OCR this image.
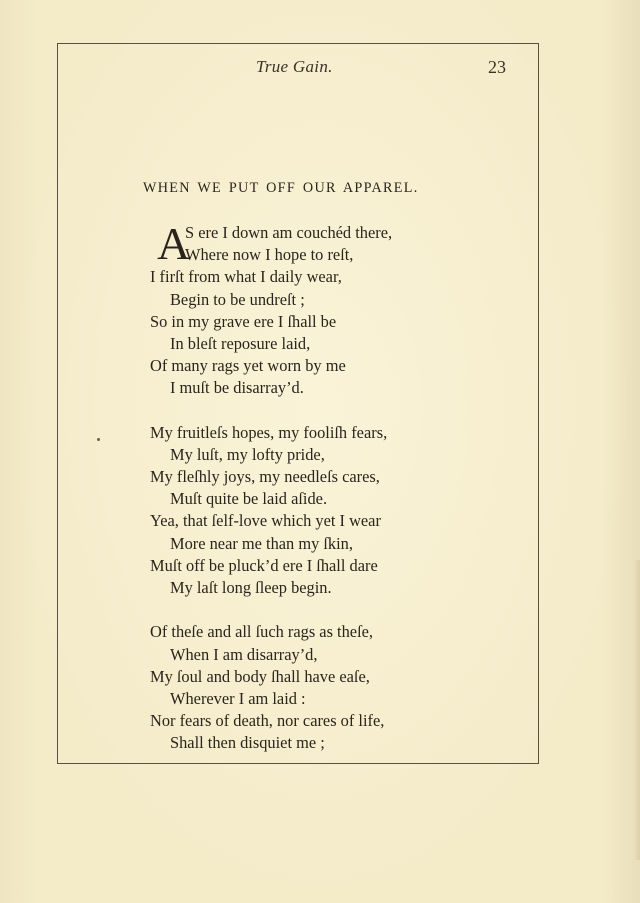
True Gain.	23
WHEN WE PUT OFF OUR APPAREL.
A
S ere I down am couchéd there,
Where now I hope to reſt,
I firſt from what I daily wear,
Begin to be undreſt ;
So in my grave ere I ſhall be
In bleſt reposure laid,
Of many rags yet worn by me
I muſt be disarray’d.
My fruitleſs hopes, my fooliſh fears,
My luſt, my lofty pride,
My fleſhly joys, my needleſs cares,
Muſt quite be laid aſide.
Yea, that ſelf-love which yet I wear
More near me than my ſkin,
Muſt off be pluck’d ere I ſhall dare
My laſt long ſleep begin.
Of theſe and all ſuch rags as theſe,
When I am disarray’d,
My ſoul and body ſhall have eaſe,
Wherever I am laid :
Nor fears of death, nor cares of life,
Shall then disquiet me ;
